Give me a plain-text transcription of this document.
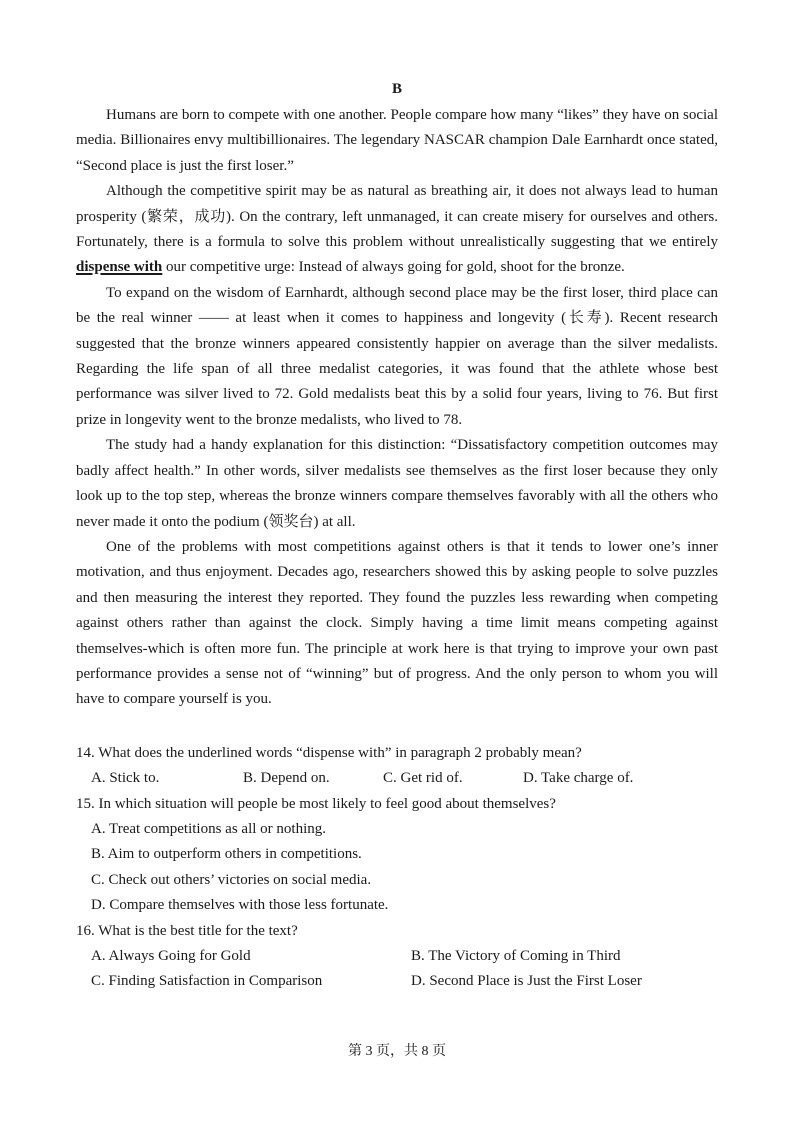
B

Humans are born to compete with one another. People compare how many “likes” they have on social media. Billionaires envy multibillionaires. The legendary NASCAR champion Dale Earnhardt once stated, “Second place is just the first loser.”

Although the competitive spirit may be as natural as breathing air, it does not always lead to human prosperity (繁荣，成功). On the contrary, left unmanaged, it can create misery for ourselves and others. Fortunately, there is a formula to solve this problem without unrealistically suggesting that we entirely dispense with our competitive urge: Instead of always going for gold, shoot for the bronze.

To expand on the wisdom of Earnhardt, although second place may be the first loser, third place can be the real winner —— at least when it comes to happiness and longevity (长寿). Recent research suggested that the bronze winners appeared consistently happier on average than the silver medalists. Regarding the life span of all three medalist categories, it was found that the athlete whose best performance was silver lived to 72. Gold medalists beat this by a solid four years, living to 76. But first prize in longevity went to the bronze medalists, who lived to 78.

The study had a handy explanation for this distinction: “Dissatisfactory competition outcomes may badly affect health.” In other words, silver medalists see themselves as the first loser because they only look up to the top step, whereas the bronze winners compare themselves favorably with all the others who never made it onto the podium (领奖台) at all.

One of the problems with most competitions against others is that it tends to lower one’s inner motivation, and thus enjoyment. Decades ago, researchers showed this by asking people to solve puzzles and then measuring the interest they reported. They found the puzzles less rewarding when competing against others rather than against the clock. Simply having a time limit means competing against themselves-which is often more fun. The principle at work here is that trying to improve your own past performance provides a sense not of “winning” but of progress. And the only person to whom you will have to compare yourself is you.

14. What does the underlined words “dispense with” in paragraph 2 probably mean?

A. Stick to.	B. Depend on.	C. Get rid of.	D. Take charge of.

15. In which situation will people be most likely to feel good about themselves?

A. Treat competitions as all or nothing.
B. Aim to outperform others in competitions.
C. Check out others’ victories on social media.
D. Compare themselves with those less fortunate.

16. What is the best title for the text?

A. Always Going for Gold	B. The Victory of Coming in Third
C. Finding Satisfaction in Comparison	D. Second Place is Just the First Loser
第 3 页，共 8 页
